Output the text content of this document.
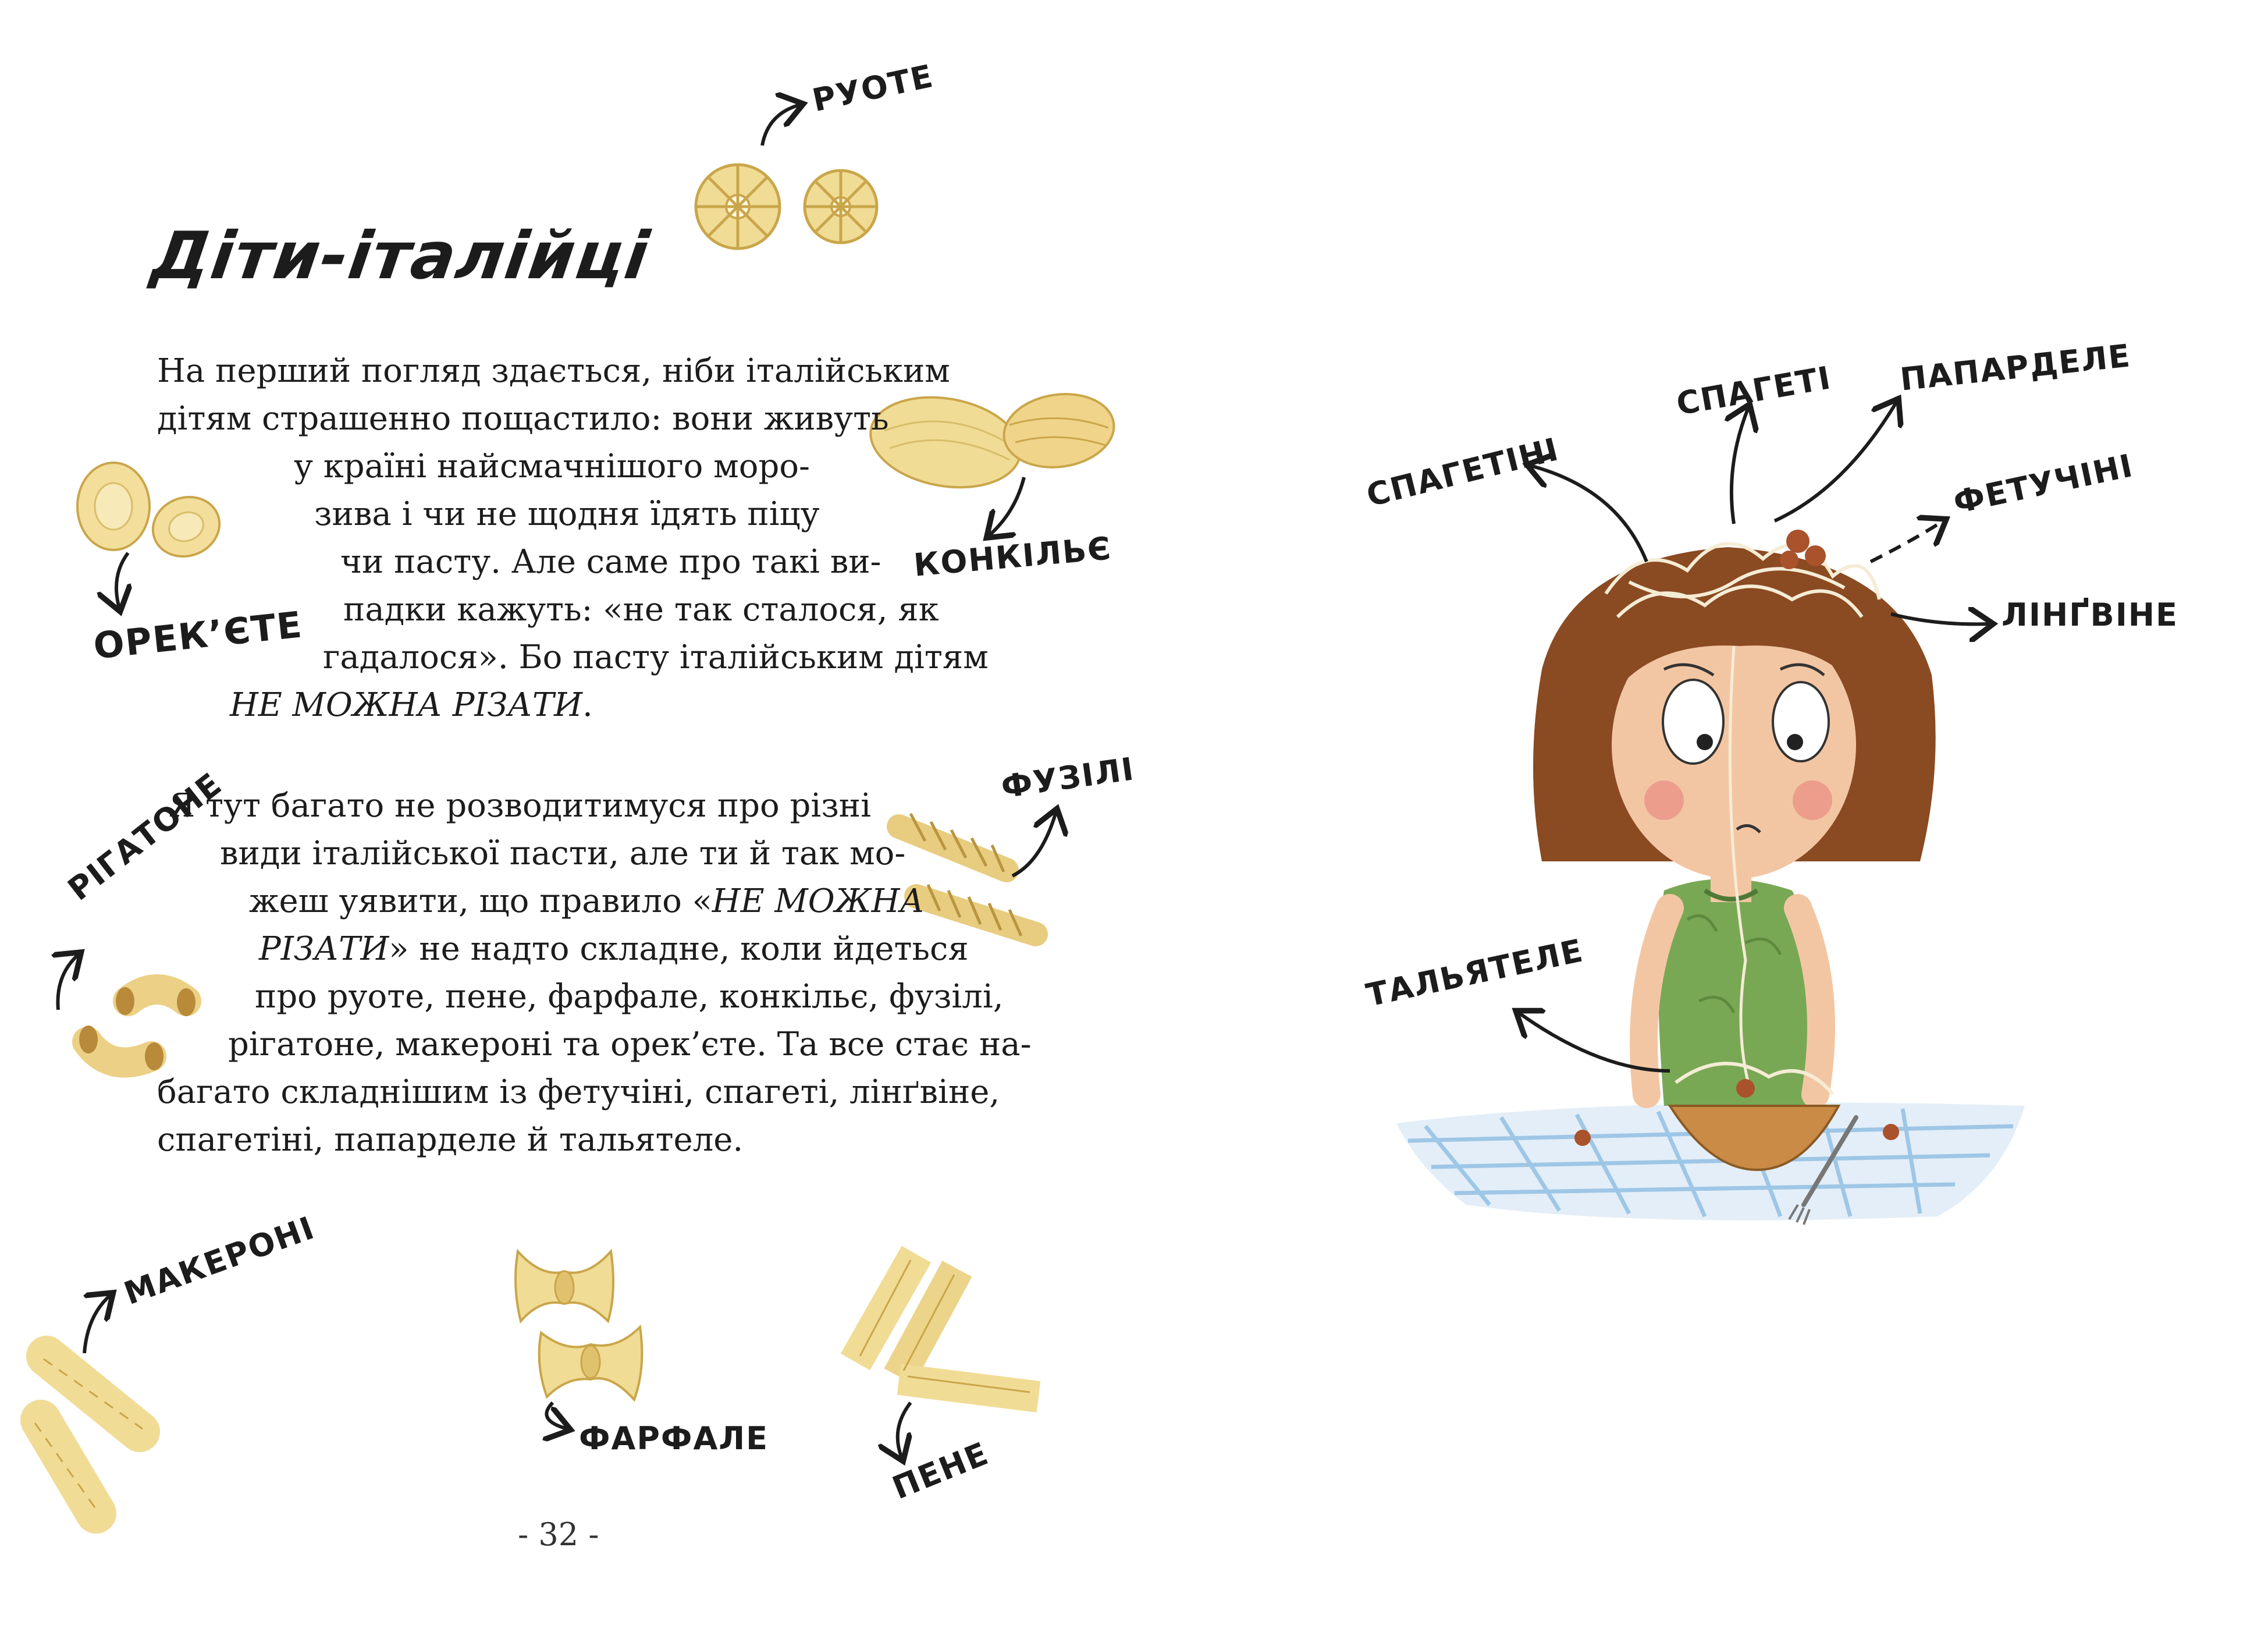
Діти-італійці
На перший погляд здається, ніби італійським
дітям страшенно пощастило: вони живуть
у країні найсмачнішого моро-
зива і чи не щодня їдять піцу
чи пасту. Але саме про такі ви-
падки кажуть: «не так сталося, як
гадалося». Бо пасту італійським дітям
НЕ МОЖНА РІЗАТИ.
Я тут багато не розводитимуся про різні
види італійської пасти, але ти й так мо-
жеш уявити, що правило «НЕ МОЖНА
РІЗАТИ» не надто складне, коли йдеться
про руоте, пене, фарфале, конкільє, фузілі,
рігатоне, макероні та орек’єте. Та все стає на-
багато складнішим із фетучіні, спагеті, лінґвіне,
спагетіні, папарделе й тальятеле.
РУОТЕ
КОНКІЛЬЄ
ОРЕК’ЄТЕ
ФУЗІЛІ
РІГАТОНЕ
МАКЕРОНІ
ФАРФАЛЕ	ПЕНЕ
СПАГЕТІ ПАПАРДЕЛЕ
СПАГЕТІНІ	ФЕТУЧІНІ
ЛІНҐВІНЕ
ТАЛЬЯТЕЛЕ
- 32 -
